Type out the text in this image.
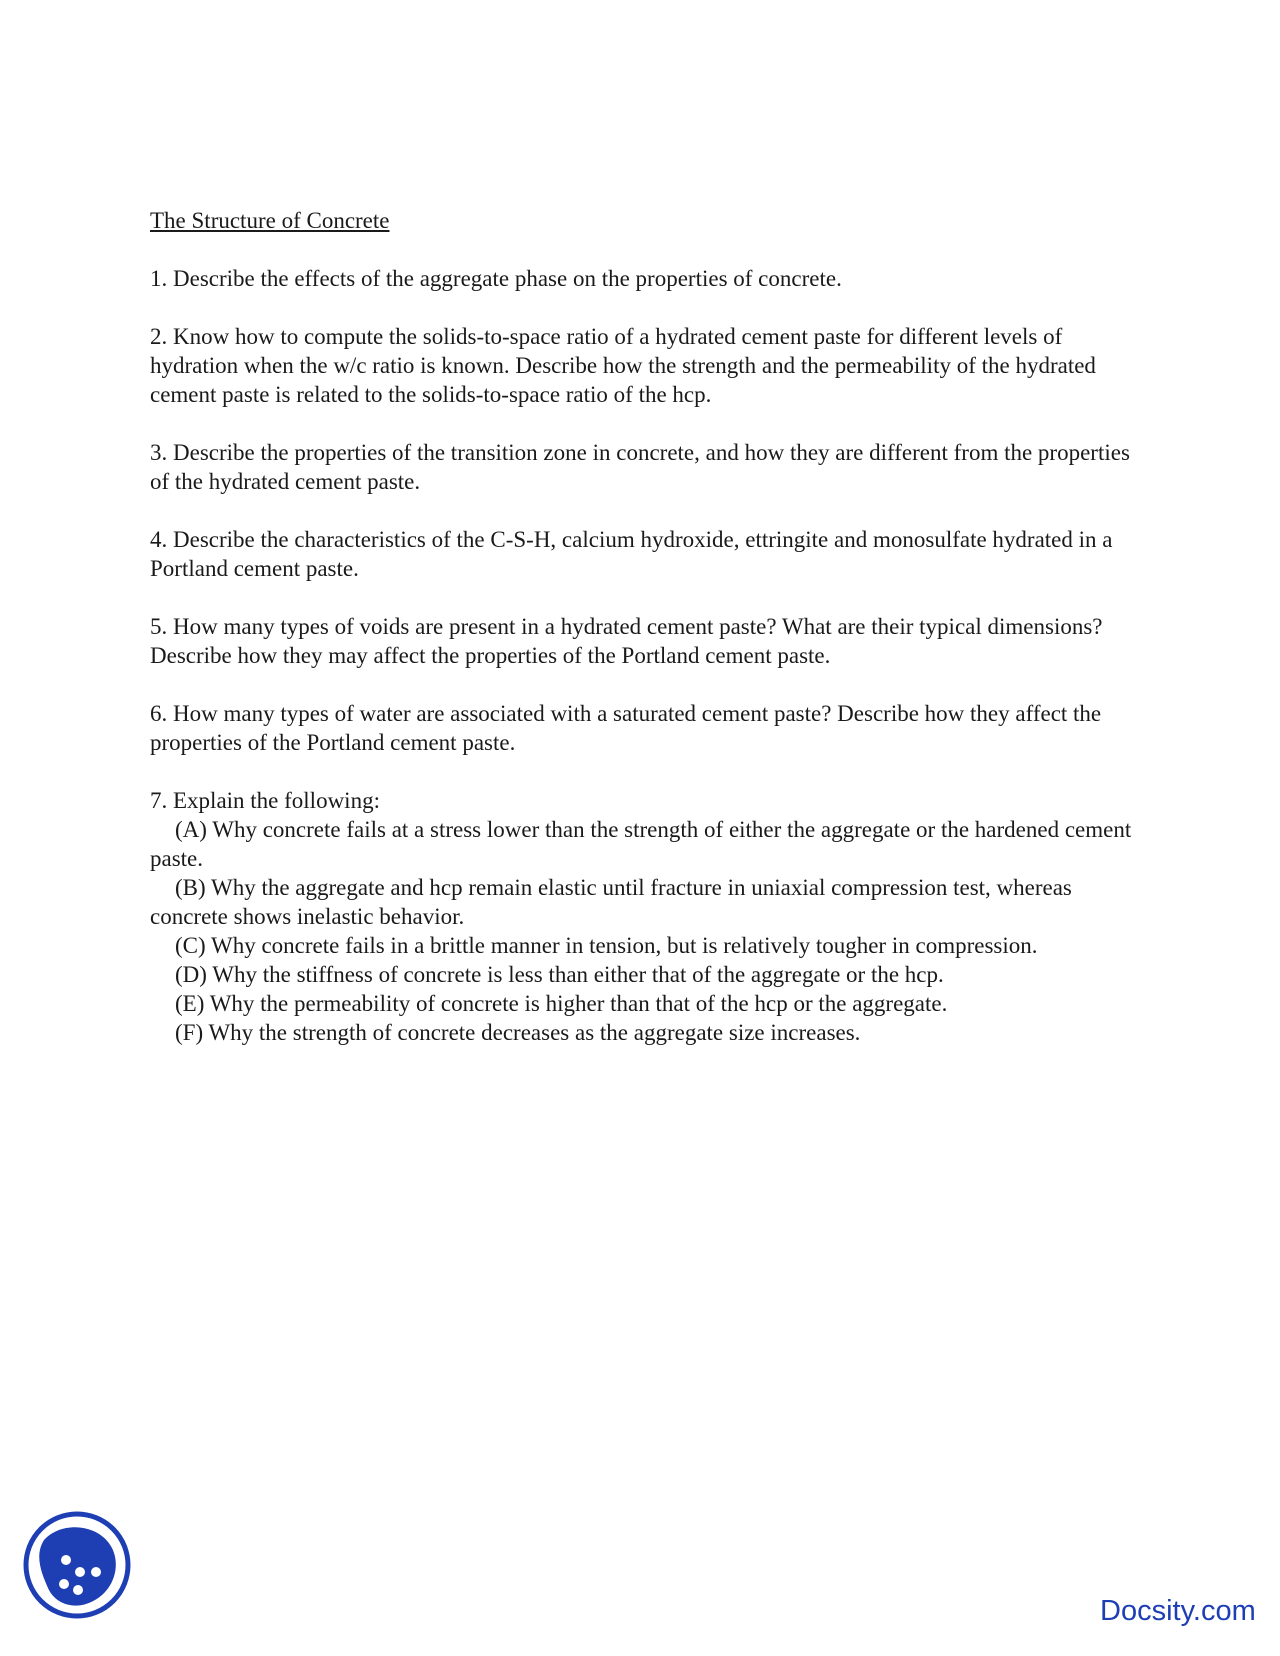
The Structure of Concrete
1. Describe the effects of the aggregate phase on the properties of concrete.
2. Know how to compute the solids-to-space ratio of a hydrated cement paste for different levels of hydration when the w/c ratio is known. Describe how the strength and the permeability of the hydrated cement paste is related to the solids-to-space ratio of the hcp.
3. Describe the properties of the transition zone in concrete, and how they are different from the properties of the hydrated cement paste.
4. Describe the characteristics of the C-S-H, calcium hydroxide, ettringite and monosulfate hydrated in a Portland cement paste.
5. How many types of voids are present in a hydrated cement paste? What are their typical dimensions? Describe how they may affect the properties of the Portland cement paste.
6. How many types of water are associated with a saturated cement paste? Describe how they affect the properties of the Portland cement paste.
7. Explain the following:
(A) Why concrete fails at a stress lower than the strength of either the aggregate or the hardened cement paste.
(B) Why the aggregate and hcp remain elastic until fracture in uniaxial compression test, whereas concrete shows inelastic behavior.
(C) Why concrete fails in a brittle manner in tension, but is relatively tougher in compression.
(D) Why the stiffness of concrete is less than either that of the aggregate or the hcp.
(E) Why the permeability of concrete is higher than that of the hcp or the aggregate.
(F) Why the strength of concrete decreases as the aggregate size increases.
Docsity.com
